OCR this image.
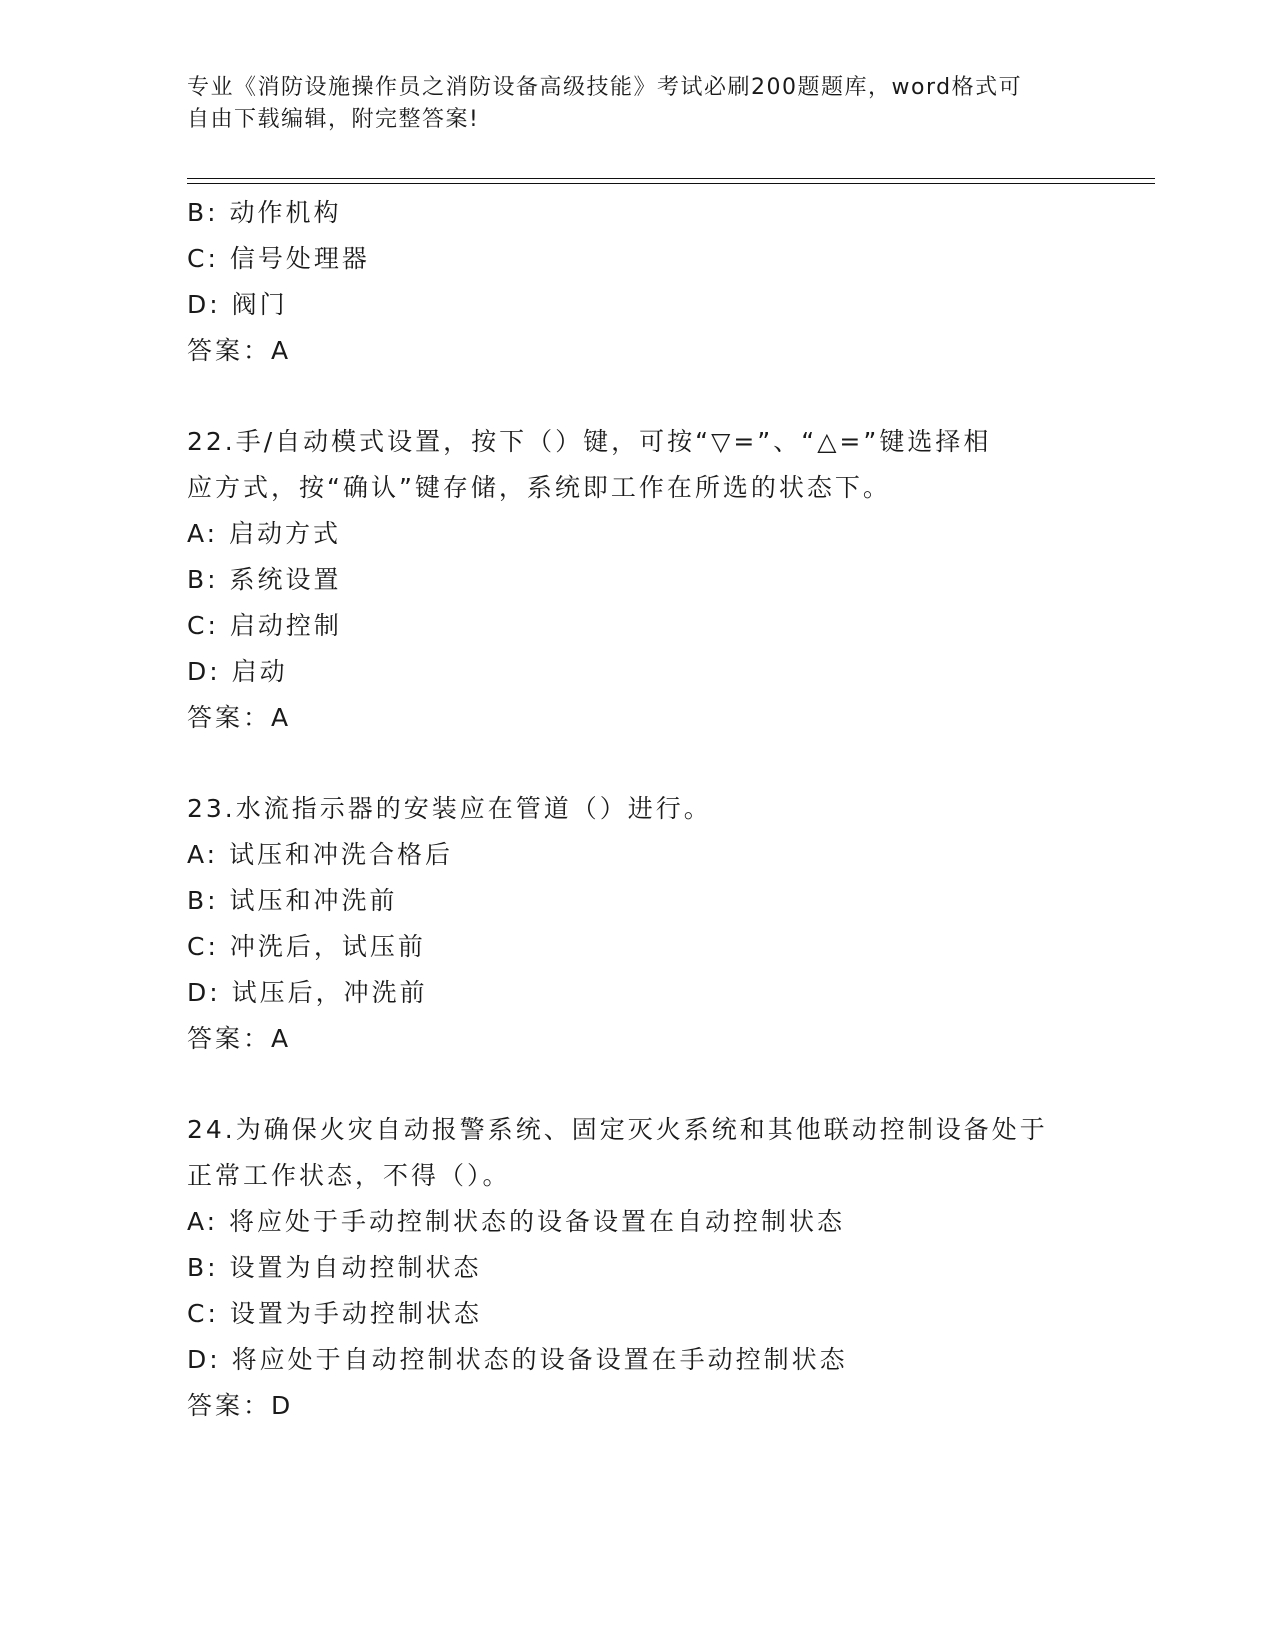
专业《消防设施操作员之消防设备高级技能》考试必刷200题题库，word格式可
自由下载编辑，附完整答案!
B: 动作机构
C: 信号处理器
D: 阀门
答案：A
22.手/自动模式设置，按下（）键，可按“▽=”、“△=”键选择相
应方式，按“确认”键存储，系统即工作在所选的状态下。
A: 启动方式
B: 系统设置
C: 启动控制
D: 启动
答案：A
23.水流指示器的安装应在管道（）进行。
A: 试压和冲洗合格后
B: 试压和冲洗前
C: 冲洗后，试压前
D: 试压后，冲洗前
答案：A
24.为确保火灾自动报警系统、固定灭火系统和其他联动控制设备处于
正常工作状态，不得（）。
A: 将应处于手动控制状态的设备设置在自动控制状态
B: 设置为自动控制状态
C: 设置为手动控制状态
D: 将应处于自动控制状态的设备设置在手动控制状态
答案：D
